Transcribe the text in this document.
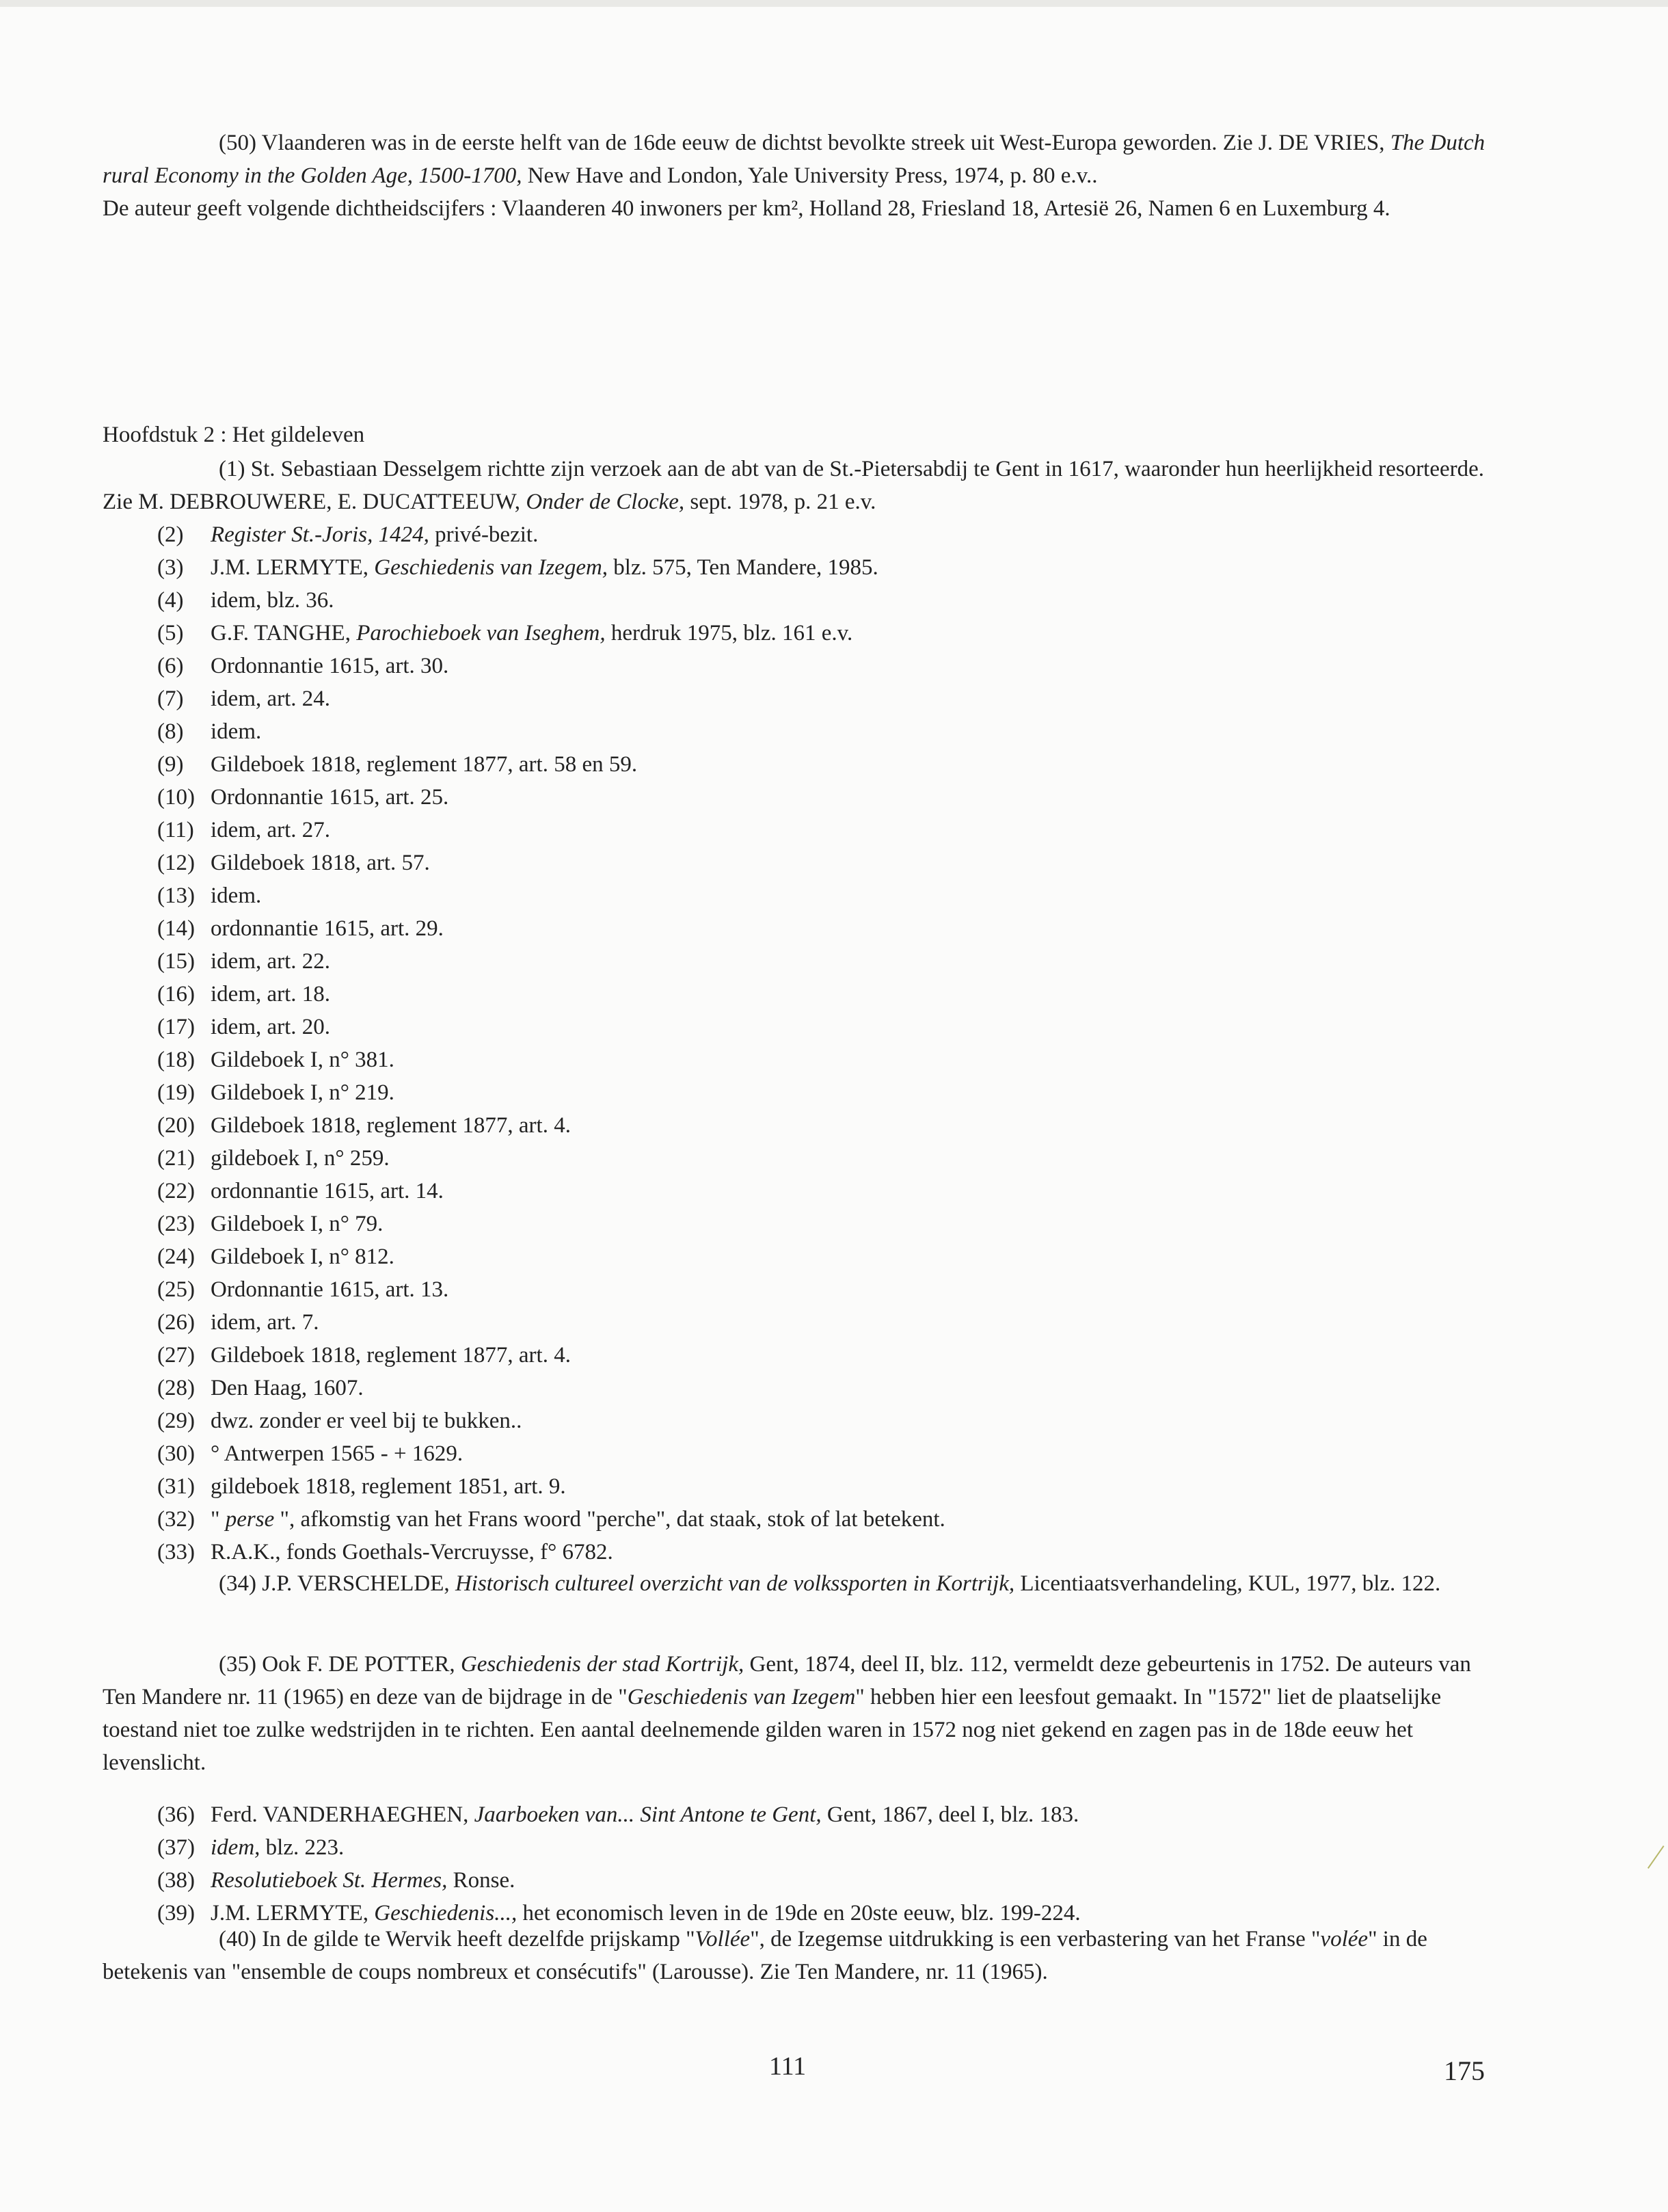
(50) Vlaanderen was in de eerste helft van de 16de eeuw de dichtst bevolkte streek uit West-Europa geworden. Zie J. DE VRIES, The Dutch rural Economy in the Golden Age, 1500-1700, New Have and London, Yale University Press, 1974, p. 80 e.v..

De auteur geeft volgende dichtheidscijfers : Vlaanderen 40 inwoners per km², Holland 28, Friesland 18, Artesië 26, Namen 6 en Luxemburg 4.

Hoofdstuk 2 : Het gildeleven

(1) St. Sebastiaan Desselgem richtte zijn verzoek aan de abt van de St.-Pietersabdij te Gent in 1617, waaronder hun heerlijkheid resorteerde. Zie M. DEBROUWERE, E. DUCATTEEUW, Onder de Clocke, sept. 1978, p. 21 e.v.

(2) Register St.-Joris, 1424, privé-bezit.

(3) J.M. LERMYTE, Geschiedenis van Izegem, blz. 575, Ten Mandere, 1985.

(4) idem, blz. 36.

(5) G.F. TANGHE, Parochieboek van Iseghem, herdruk 1975, blz. 161 e.v.

(6) Ordonnantie 1615, art. 30.

(7) idem, art. 24.

(8) idem.

(9) Gildeboek 1818, reglement 1877, art. 58 en 59.

(10) Ordonnantie 1615, art. 25.

(11) idem, art. 27.

(12) Gildeboek 1818, art. 57.

(13) idem.

(14) ordonnantie 1615, art. 29.

(15) idem, art. 22.

(16) idem, art. 18.

(17) idem, art. 20.

(18) Gildeboek I, n° 381.

(19) Gildeboek I, n° 219.

(20) Gildeboek 1818, reglement 1877, art. 4.

(21) gildeboek I, n° 259.

(22) ordonnantie 1615, art. 14.

(23) Gildeboek I, n° 79.

(24) Gildeboek I, n° 812.

(25) Ordonnantie 1615, art. 13.

(26) idem, art. 7.

(27) Gildeboek 1818, reglement 1877, art. 4.

(28) Den Haag, 1607.

(29) dwz. zonder er veel bij te bukken..

(30) ° Antwerpen 1565 - + 1629.

(31) gildeboek 1818, reglement 1851, art. 9.

(32) " perse ", afkomstig van het Frans woord "perche", dat staak, stok of lat betekent.

(33) R.A.K., fonds Goethals-Vercruysse, f° 6782.

(34) J.P. VERSCHELDE, Historisch cultureel overzicht van de volkssporten in Kortrijk, Licentiaatsverhandeling, KUL, 1977, blz. 122.

(35) Ook F. DE POTTER, Geschiedenis der stad Kortrijk, Gent, 1874, deel II, blz. 112, vermeldt deze gebeurtenis in 1752. De auteurs van Ten Mandere nr. 11 (1965) en deze van de bijdrage in de "Geschiedenis van Izegem" hebben hier een leesfout gemaakt. In "1572" liet de plaatselijke toestand niet toe zulke wedstrijden in te richten. Een aantal deelnemende gilden waren in 1572 nog niet gekend en zagen pas in de 18de eeuw het levenslicht.

(36) Ferd. VANDERHAEGHEN, Jaarboeken van... Sint Antone te Gent, Gent, 1867, deel I, blz. 183.

(37) idem, blz. 223.

(38) Resolutieboek St. Hermes, Ronse.

(39) J.M. LERMYTE, Geschiedenis..., het economisch leven in de 19de en 20ste eeuw, blz. 199-224.

(40) In de gilde te Wervik heeft dezelfde prijskamp "Vollée", de Izegemse uitdrukking is een verbastering van het Franse "volée" in de betekenis van "ensemble de coups nombreux et consécutifs" (Larousse). Zie Ten Mandere, nr. 11 (1965).

111	175
